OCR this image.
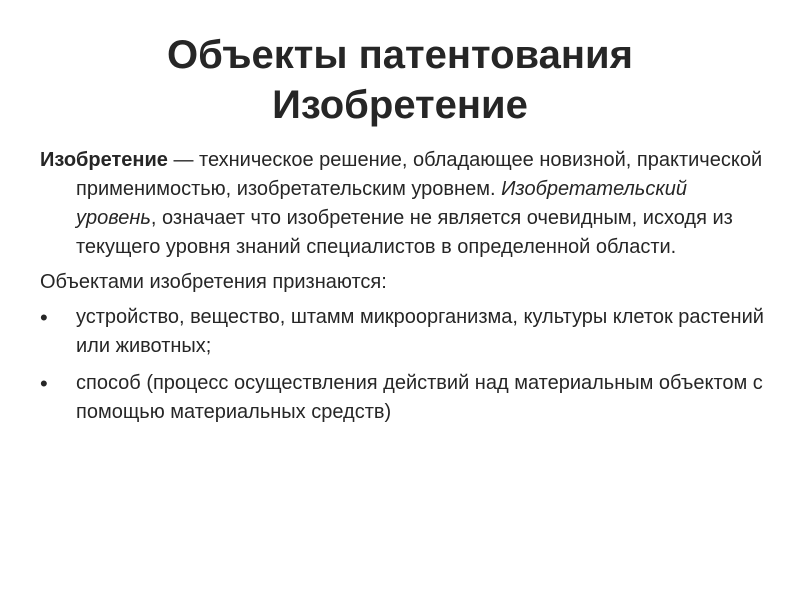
Объекты патентования
Изобретение

Изобретение — техническое решение, обладающее новизной, практической применимостью, изобретательским уровнем. Изобретательский уровень, означает что изобретение не является очевидным, исходя из текущего уровня знаний специалистов в определенной области.

Объектами изобретения признаются:

•	устройство, вещество, штамм микроорганизма, культуры клеток растений или животных;
•	способ (процесс осуществления действий над материальным объектом с помощью материальных средств)
